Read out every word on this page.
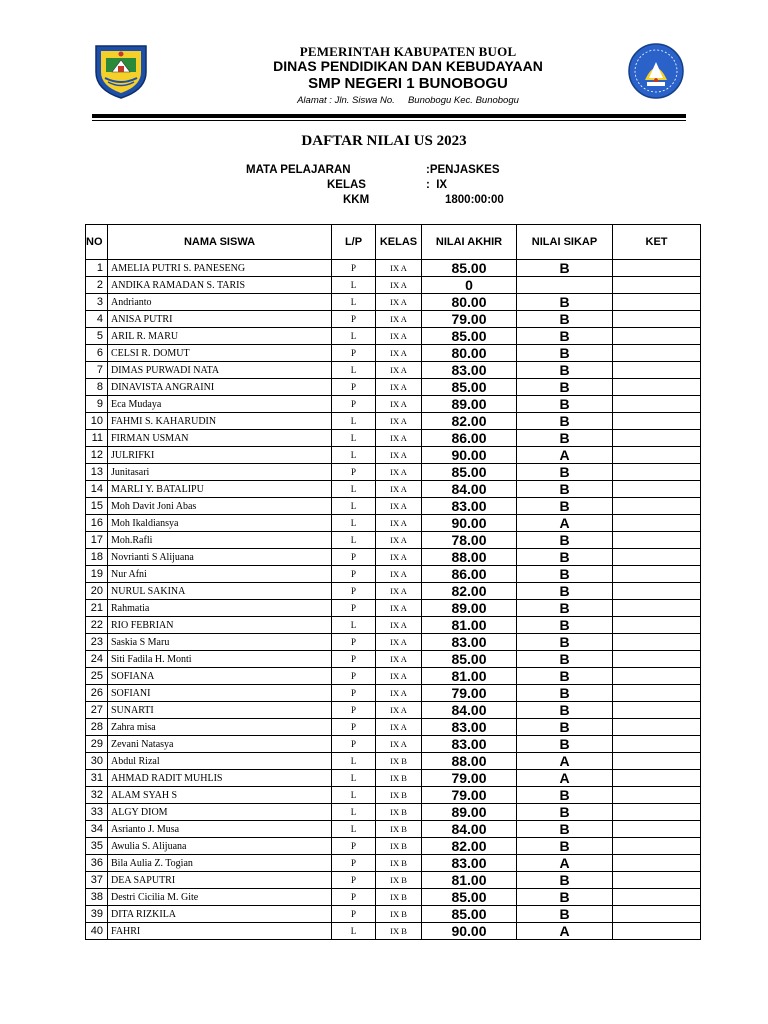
PEMERINTAH KABUPATEN BUOL
DINAS PENDIDIKAN DAN KEBUDAYAAN
SMP NEGERI 1 BUNOBOGU
Alamat : Jln. Siswa No.     Bunobogu Kec. Bunobogu
DAFTAR NILAI US 2023
MATA PELAJARAN	:PENJASKES
KELAS	:  IX
KKM	1800:00:00
NO	NAMA SISWA	L/P	KELAS	NILAI AKHIR	NILAI SIKAP	KET
1	AMELIA PUTRI S. PANESENG	P	IX A	85.00	B	
2	ANDIKA RAMADAN S. TARIS	L	IX A	0		
3	Andrianto	L	IX A	80.00	B	
4	ANISA PUTRI	P	IX A	79.00	B	
5	ARIL R. MARU	L	IX A	85.00	B	
6	CELSI R. DOMUT	P	IX A	80.00	B	
7	DIMAS PURWADI NATA	L	IX A	83.00	B	
8	DINAVISTA ANGRAINI	P	IX A	85.00	B	
9	Eca Mudaya	P	IX A	89.00	B	
10	FAHMI S. KAHARUDIN	L	IX A	82.00	B	
11	FIRMAN USMAN	L	IX A	86.00	B	
12	JULRIFKI	L	IX A	90.00	A	
13	Junitasari	P	IX A	85.00	B	
14	MARLI Y. BATALIPU	L	IX A	84.00	B	
15	Moh Davit Joni Abas	L	IX A	83.00	B	
16	Moh Ikaldiansya	L	IX A	90.00	A	
17	Moh.Rafli	L	IX A	78.00	B	
18	Novrianti S Alijuana	P	IX A	88.00	B	
19	Nur Afni	P	IX A	86.00	B	
20	NURUL SAKINA	P	IX A	82.00	B	
21	Rahmatia	P	IX A	89.00	B	
22	RIO FEBRIAN	L	IX A	81.00	B	
23	Saskia S Maru	P	IX A	83.00	B	
24	Siti Fadila H. Monti	P	IX A	85.00	B	
25	SOFIANA	P	IX A	81.00	B	
26	SOFIANI	P	IX A	79.00	B	
27	SUNARTI	P	IX A	84.00	B	
28	Zahra misa	P	IX A	83.00	B	
29	Zevani Natasya	P	IX A	83.00	B	
30	Abdul Rizal	L	IX B	88.00	A	
31	AHMAD RADIT MUHLIS	L	IX B	79.00	A	
32	ALAM SYAH S	L	IX B	79.00	B	
33	ALGY DIOM	L	IX B	89.00	B	
34	Asrianto J. Musa	L	IX B	84.00	B	
35	Awulia S. Alijuana	P	IX B	82.00	B	
36	Bila Aulia Z. Togian	P	IX B	83.00	A	
37	DEA SAPUTRI	P	IX B	81.00	B	
38	Destri Cicilia M. Gite	P	IX B	85.00	B	
39	DITA RIZKILA	P	IX B	85.00	B	
40	FAHRI	L	IX B	90.00	A	
